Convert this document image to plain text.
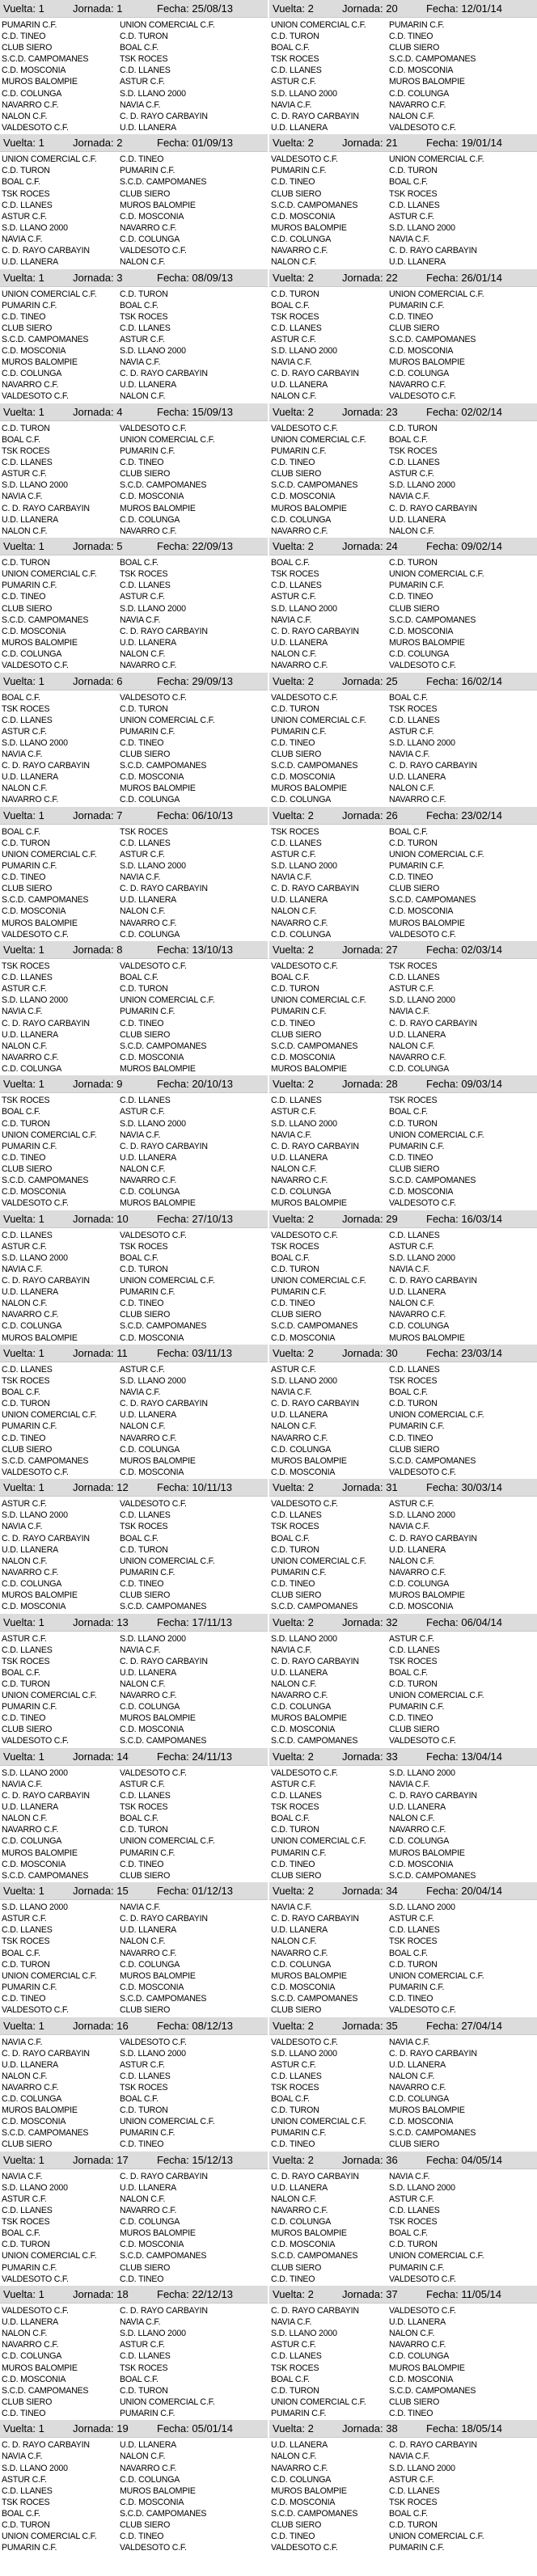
Vuelta: 1	Jornada: 1	Fecha: 25/08/13
PUMARIN C.F.	UNION COMERCIAL C.F.
C.D. TINEO	C.D. TURON
CLUB SIERO	BOAL C.F.
S.C.D. CAMPOMANES	TSK ROCES
C.D. MOSCONIA	C.D. LLANES
MUROS BALOMPIE	ASTUR C.F.
C.D. COLUNGA	S.D. LLANO 2000
NAVARRO C.F.	NAVIA C.F.
NALON C.F.	C. D. RAYO CARBAYIN
VALDESOTO C.F.	U.D. LLANERA
Vuelta: 1	Jornada: 2	Fecha: 01/09/13
UNION COMERCIAL C.F.	C.D. TINEO
C.D. TURON	PUMARIN C.F.
BOAL C.F.	S.C.D. CAMPOMANES
TSK ROCES	CLUB SIERO
C.D. LLANES	MUROS BALOMPIE
ASTUR C.F.	C.D. MOSCONIA
S.D. LLANO 2000	NAVARRO C.F.
NAVIA C.F.	C.D. COLUNGA
C. D. RAYO CARBAYIN	VALDESOTO C.F.
U.D. LLANERA	NALON C.F.
Vuelta: 1	Jornada: 3	Fecha: 08/09/13
UNION COMERCIAL C.F.	C.D. TURON
PUMARIN C.F.	BOAL C.F.
C.D. TINEO	TSK ROCES
CLUB SIERO	C.D. LLANES
S.C.D. CAMPOMANES	ASTUR C.F.
C.D. MOSCONIA	S.D. LLANO 2000
MUROS BALOMPIE	NAVIA C.F.
C.D. COLUNGA	C. D. RAYO CARBAYIN
NAVARRO C.F.	U.D. LLANERA
VALDESOTO C.F.	NALON C.F.
Vuelta: 1	Jornada: 4	Fecha: 15/09/13
C.D. TURON	VALDESOTO C.F.
BOAL C.F.	UNION COMERCIAL C.F.
TSK ROCES	PUMARIN C.F.
C.D. LLANES	C.D. TINEO
ASTUR C.F.	CLUB SIERO
S.D. LLANO 2000	S.C.D. CAMPOMANES
NAVIA C.F.	C.D. MOSCONIA
C. D. RAYO CARBAYIN	MUROS BALOMPIE
U.D. LLANERA	C.D. COLUNGA
NALON C.F.	NAVARRO C.F.
Vuelta: 1	Jornada: 5	Fecha: 22/09/13
C.D. TURON	BOAL C.F.
UNION COMERCIAL C.F.	TSK ROCES
PUMARIN C.F.	C.D. LLANES
C.D. TINEO	ASTUR C.F.
CLUB SIERO	S.D. LLANO 2000
S.C.D. CAMPOMANES	NAVIA C.F.
C.D. MOSCONIA	C. D. RAYO CARBAYIN
MUROS BALOMPIE	U.D. LLANERA
C.D. COLUNGA	NALON C.F.
VALDESOTO C.F.	NAVARRO C.F.
Vuelta: 1	Jornada: 6	Fecha: 29/09/13
BOAL C.F.	VALDESOTO C.F.
TSK ROCES	C.D. TURON
C.D. LLANES	UNION COMERCIAL C.F.
ASTUR C.F.	PUMARIN C.F.
S.D. LLANO 2000	C.D. TINEO
NAVIA C.F.	CLUB SIERO
C. D. RAYO CARBAYIN	S.C.D. CAMPOMANES
U.D. LLANERA	C.D. MOSCONIA
NALON C.F.	MUROS BALOMPIE
NAVARRO C.F.	C.D. COLUNGA
Vuelta: 1	Jornada: 7	Fecha: 06/10/13
BOAL C.F.	TSK ROCES
C.D. TURON	C.D. LLANES
UNION COMERCIAL C.F.	ASTUR C.F.
PUMARIN C.F.	S.D. LLANO 2000
C.D. TINEO	NAVIA C.F.
CLUB SIERO	C. D. RAYO CARBAYIN
S.C.D. CAMPOMANES	U.D. LLANERA
C.D. MOSCONIA	NALON C.F.
MUROS BALOMPIE	NAVARRO C.F.
VALDESOTO C.F.	C.D. COLUNGA
Vuelta: 1	Jornada: 8	Fecha: 13/10/13
TSK ROCES	VALDESOTO C.F.
C.D. LLANES	BOAL C.F.
ASTUR C.F.	C.D. TURON
S.D. LLANO 2000	UNION COMERCIAL C.F.
NAVIA C.F.	PUMARIN C.F.
C. D. RAYO CARBAYIN	C.D. TINEO
U.D. LLANERA	CLUB SIERO
NALON C.F.	S.C.D. CAMPOMANES
NAVARRO C.F.	C.D. MOSCONIA
C.D. COLUNGA	MUROS BALOMPIE
Vuelta: 1	Jornada: 9	Fecha: 20/10/13
TSK ROCES	C.D. LLANES
BOAL C.F.	ASTUR C.F.
C.D. TURON	S.D. LLANO 2000
UNION COMERCIAL C.F.	NAVIA C.F.
PUMARIN C.F.	C. D. RAYO CARBAYIN
C.D. TINEO	U.D. LLANERA
CLUB SIERO	NALON C.F.
S.C.D. CAMPOMANES	NAVARRO C.F.
C.D. MOSCONIA	C.D. COLUNGA
VALDESOTO C.F.	MUROS BALOMPIE
Vuelta: 1	Jornada: 10	Fecha: 27/10/13
C.D. LLANES	VALDESOTO C.F.
ASTUR C.F.	TSK ROCES
S.D. LLANO 2000	BOAL C.F.
NAVIA C.F.	C.D. TURON
C. D. RAYO CARBAYIN	UNION COMERCIAL C.F.
U.D. LLANERA	PUMARIN C.F.
NALON C.F.	C.D. TINEO
NAVARRO C.F.	CLUB SIERO
C.D. COLUNGA	S.C.D. CAMPOMANES
MUROS BALOMPIE	C.D. MOSCONIA
Vuelta: 1	Jornada: 11	Fecha: 03/11/13
C.D. LLANES	ASTUR C.F.
TSK ROCES	S.D. LLANO 2000
BOAL C.F.	NAVIA C.F.
C.D. TURON	C. D. RAYO CARBAYIN
UNION COMERCIAL C.F.	U.D. LLANERA
PUMARIN C.F.	NALON C.F.
C.D. TINEO	NAVARRO C.F.
CLUB SIERO	C.D. COLUNGA
S.C.D. CAMPOMANES	MUROS BALOMPIE
VALDESOTO C.F.	C.D. MOSCONIA
Vuelta: 1	Jornada: 12	Fecha: 10/11/13
ASTUR C.F.	VALDESOTO C.F.
S.D. LLANO 2000	C.D. LLANES
NAVIA C.F.	TSK ROCES
C. D. RAYO CARBAYIN	BOAL C.F.
U.D. LLANERA	C.D. TURON
NALON C.F.	UNION COMERCIAL C.F.
NAVARRO C.F.	PUMARIN C.F.
C.D. COLUNGA	C.D. TINEO
MUROS BALOMPIE	CLUB SIERO
C.D. MOSCONIA	S.C.D. CAMPOMANES
Vuelta: 1	Jornada: 13	Fecha: 17/11/13
ASTUR C.F.	S.D. LLANO 2000
C.D. LLANES	NAVIA C.F.
TSK ROCES	C. D. RAYO CARBAYIN
BOAL C.F.	U.D. LLANERA
C.D. TURON	NALON C.F.
UNION COMERCIAL C.F.	NAVARRO C.F.
PUMARIN C.F.	C.D. COLUNGA
C.D. TINEO	MUROS BALOMPIE
CLUB SIERO	C.D. MOSCONIA
VALDESOTO C.F.	S.C.D. CAMPOMANES
Vuelta: 1	Jornada: 14	Fecha: 24/11/13
S.D. LLANO 2000	VALDESOTO C.F.
NAVIA C.F.	ASTUR C.F.
C. D. RAYO CARBAYIN	C.D. LLANES
U.D. LLANERA	TSK ROCES
NALON C.F.	BOAL C.F.
NAVARRO C.F.	C.D. TURON
C.D. COLUNGA	UNION COMERCIAL C.F.
MUROS BALOMPIE	PUMARIN C.F.
C.D. MOSCONIA	C.D. TINEO
S.C.D. CAMPOMANES	CLUB SIERO
Vuelta: 1	Jornada: 15	Fecha: 01/12/13
S.D. LLANO 2000	NAVIA C.F.
ASTUR C.F.	C. D. RAYO CARBAYIN
C.D. LLANES	U.D. LLANERA
TSK ROCES	NALON C.F.
BOAL C.F.	NAVARRO C.F.
C.D. TURON	C.D. COLUNGA
UNION COMERCIAL C.F.	MUROS BALOMPIE
PUMARIN C.F.	C.D. MOSCONIA
C.D. TINEO	S.C.D. CAMPOMANES
VALDESOTO C.F.	CLUB SIERO
Vuelta: 1	Jornada: 16	Fecha: 08/12/13
NAVIA C.F.	VALDESOTO C.F.
C. D. RAYO CARBAYIN	S.D. LLANO 2000
U.D. LLANERA	ASTUR C.F.
NALON C.F.	C.D. LLANES
NAVARRO C.F.	TSK ROCES
C.D. COLUNGA	BOAL C.F.
MUROS BALOMPIE	C.D. TURON
C.D. MOSCONIA	UNION COMERCIAL C.F.
S.C.D. CAMPOMANES	PUMARIN C.F.
CLUB SIERO	C.D. TINEO
Vuelta: 1	Jornada: 17	Fecha: 15/12/13
NAVIA C.F.	C. D. RAYO CARBAYIN
S.D. LLANO 2000	U.D. LLANERA
ASTUR C.F.	NALON C.F.
C.D. LLANES	NAVARRO C.F.
TSK ROCES	C.D. COLUNGA
BOAL C.F.	MUROS BALOMPIE
C.D. TURON	C.D. MOSCONIA
UNION COMERCIAL C.F.	S.C.D. CAMPOMANES
PUMARIN C.F.	CLUB SIERO
VALDESOTO C.F.	C.D. TINEO
Vuelta: 1	Jornada: 18	Fecha: 22/12/13
VALDESOTO C.F.	C. D. RAYO CARBAYIN
U.D. LLANERA	NAVIA C.F.
NALON C.F.	S.D. LLANO 2000
NAVARRO C.F.	ASTUR C.F.
C.D. COLUNGA	C.D. LLANES
MUROS BALOMPIE	TSK ROCES
C.D. MOSCONIA	BOAL C.F.
S.C.D. CAMPOMANES	C.D. TURON
CLUB SIERO	UNION COMERCIAL C.F.
C.D. TINEO	PUMARIN C.F.
Vuelta: 1	Jornada: 19	Fecha: 05/01/14
C. D. RAYO CARBAYIN	U.D. LLANERA
NAVIA C.F.	NALON C.F.
S.D. LLANO 2000	NAVARRO C.F.
ASTUR C.F.	C.D. COLUNGA
C.D. LLANES	MUROS BALOMPIE
TSK ROCES	C.D. MOSCONIA
BOAL C.F.	S.C.D. CAMPOMANES
C.D. TURON	CLUB SIERO
UNION COMERCIAL C.F.	C.D. TINEO
PUMARIN C.F.	VALDESOTO C.F.
Vuelta: 2	Jornada: 20	Fecha: 12/01/14
UNION COMERCIAL C.F.	PUMARIN C.F.
C.D. TURON	C.D. TINEO
BOAL C.F.	CLUB SIERO
TSK ROCES	S.C.D. CAMPOMANES
C.D. LLANES	C.D. MOSCONIA
ASTUR C.F.	MUROS BALOMPIE
S.D. LLANO 2000	C.D. COLUNGA
NAVIA C.F.	NAVARRO C.F.
C. D. RAYO CARBAYIN	NALON C.F.
U.D. LLANERA	VALDESOTO C.F.
Vuelta: 2	Jornada: 21	Fecha: 19/01/14
VALDESOTO C.F.	UNION COMERCIAL C.F.
PUMARIN C.F.	C.D. TURON
C.D. TINEO	BOAL C.F.
CLUB SIERO	TSK ROCES
S.C.D. CAMPOMANES	C.D. LLANES
C.D. MOSCONIA	ASTUR C.F.
MUROS BALOMPIE	S.D. LLANO 2000
C.D. COLUNGA	NAVIA C.F.
NAVARRO C.F.	C. D. RAYO CARBAYIN
NALON C.F.	U.D. LLANERA
Vuelta: 2	Jornada: 22	Fecha: 26/01/14
C.D. TURON	UNION COMERCIAL C.F.
BOAL C.F.	PUMARIN C.F.
TSK ROCES	C.D. TINEO
C.D. LLANES	CLUB SIERO
ASTUR C.F.	S.C.D. CAMPOMANES
S.D. LLANO 2000	C.D. MOSCONIA
NAVIA C.F.	MUROS BALOMPIE
C. D. RAYO CARBAYIN	C.D. COLUNGA
U.D. LLANERA	NAVARRO C.F.
NALON C.F.	VALDESOTO C.F.
Vuelta: 2	Jornada: 23	Fecha: 02/02/14
VALDESOTO C.F.	C.D. TURON
UNION COMERCIAL C.F.	BOAL C.F.
PUMARIN C.F.	TSK ROCES
C.D. TINEO	C.D. LLANES
CLUB SIERO	ASTUR C.F.
S.C.D. CAMPOMANES	S.D. LLANO 2000
C.D. MOSCONIA	NAVIA C.F.
MUROS BALOMPIE	C. D. RAYO CARBAYIN
C.D. COLUNGA	U.D. LLANERA
NAVARRO C.F.	NALON C.F.
Vuelta: 2	Jornada: 24	Fecha: 09/02/14
BOAL C.F.	C.D. TURON
TSK ROCES	UNION COMERCIAL C.F.
C.D. LLANES	PUMARIN C.F.
ASTUR C.F.	C.D. TINEO
S.D. LLANO 2000	CLUB SIERO
NAVIA C.F.	S.C.D. CAMPOMANES
C. D. RAYO CARBAYIN	C.D. MOSCONIA
U.D. LLANERA	MUROS BALOMPIE
NALON C.F.	C.D. COLUNGA
NAVARRO C.F.	VALDESOTO C.F.
Vuelta: 2	Jornada: 25	Fecha: 16/02/14
VALDESOTO C.F.	BOAL C.F.
C.D. TURON	TSK ROCES
UNION COMERCIAL C.F.	C.D. LLANES
PUMARIN C.F.	ASTUR C.F.
C.D. TINEO	S.D. LLANO 2000
CLUB SIERO	NAVIA C.F.
S.C.D. CAMPOMANES	C. D. RAYO CARBAYIN
C.D. MOSCONIA	U.D. LLANERA
MUROS BALOMPIE	NALON C.F.
C.D. COLUNGA	NAVARRO C.F.
Vuelta: 2	Jornada: 26	Fecha: 23/02/14
TSK ROCES	BOAL C.F.
C.D. LLANES	C.D. TURON
ASTUR C.F.	UNION COMERCIAL C.F.
S.D. LLANO 2000	PUMARIN C.F.
NAVIA C.F.	C.D. TINEO
C. D. RAYO CARBAYIN	CLUB SIERO
U.D. LLANERA	S.C.D. CAMPOMANES
NALON C.F.	C.D. MOSCONIA
NAVARRO C.F.	MUROS BALOMPIE
C.D. COLUNGA	VALDESOTO C.F.
Vuelta: 2	Jornada: 27	Fecha: 02/03/14
VALDESOTO C.F.	TSK ROCES
BOAL C.F.	C.D. LLANES
C.D. TURON	ASTUR C.F.
UNION COMERCIAL C.F.	S.D. LLANO 2000
PUMARIN C.F.	NAVIA C.F.
C.D. TINEO	C. D. RAYO CARBAYIN
CLUB SIERO	U.D. LLANERA
S.C.D. CAMPOMANES	NALON C.F.
C.D. MOSCONIA	NAVARRO C.F.
MUROS BALOMPIE	C.D. COLUNGA
Vuelta: 2	Jornada: 28	Fecha: 09/03/14
C.D. LLANES	TSK ROCES
ASTUR C.F.	BOAL C.F.
S.D. LLANO 2000	C.D. TURON
NAVIA C.F.	UNION COMERCIAL C.F.
C. D. RAYO CARBAYIN	PUMARIN C.F.
U.D. LLANERA	C.D. TINEO
NALON C.F.	CLUB SIERO
NAVARRO C.F.	S.C.D. CAMPOMANES
C.D. COLUNGA	C.D. MOSCONIA
MUROS BALOMPIE	VALDESOTO C.F.
Vuelta: 2	Jornada: 29	Fecha: 16/03/14
VALDESOTO C.F.	C.D. LLANES
TSK ROCES	ASTUR C.F.
BOAL C.F.	S.D. LLANO 2000
C.D. TURON	NAVIA C.F.
UNION COMERCIAL C.F.	C. D. RAYO CARBAYIN
PUMARIN C.F.	U.D. LLANERA
C.D. TINEO	NALON C.F.
CLUB SIERO	NAVARRO C.F.
S.C.D. CAMPOMANES	C.D. COLUNGA
C.D. MOSCONIA	MUROS BALOMPIE
Vuelta: 2	Jornada: 30	Fecha: 23/03/14
ASTUR C.F.	C.D. LLANES
S.D. LLANO 2000	TSK ROCES
NAVIA C.F.	BOAL C.F.
C. D. RAYO CARBAYIN	C.D. TURON
U.D. LLANERA	UNION COMERCIAL C.F.
NALON C.F.	PUMARIN C.F.
NAVARRO C.F.	C.D. TINEO
C.D. COLUNGA	CLUB SIERO
MUROS BALOMPIE	S.C.D. CAMPOMANES
C.D. MOSCONIA	VALDESOTO C.F.
Vuelta: 2	Jornada: 31	Fecha: 30/03/14
VALDESOTO C.F.	ASTUR C.F.
C.D. LLANES	S.D. LLANO 2000
TSK ROCES	NAVIA C.F.
BOAL C.F.	C. D. RAYO CARBAYIN
C.D. TURON	U.D. LLANERA
UNION COMERCIAL C.F.	NALON C.F.
PUMARIN C.F.	NAVARRO C.F.
C.D. TINEO	C.D. COLUNGA
CLUB SIERO	MUROS BALOMPIE
S.C.D. CAMPOMANES	C.D. MOSCONIA
Vuelta: 2	Jornada: 32	Fecha: 06/04/14
S.D. LLANO 2000	ASTUR C.F.
NAVIA C.F.	C.D. LLANES
C. D. RAYO CARBAYIN	TSK ROCES
U.D. LLANERA	BOAL C.F.
NALON C.F.	C.D. TURON
NAVARRO C.F.	UNION COMERCIAL C.F.
C.D. COLUNGA	PUMARIN C.F.
MUROS BALOMPIE	C.D. TINEO
C.D. MOSCONIA	CLUB SIERO
S.C.D. CAMPOMANES	VALDESOTO C.F.
Vuelta: 2	Jornada: 33	Fecha: 13/04/14
VALDESOTO C.F.	S.D. LLANO 2000
ASTUR C.F.	NAVIA C.F.
C.D. LLANES	C. D. RAYO CARBAYIN
TSK ROCES	U.D. LLANERA
BOAL C.F.	NALON C.F.
C.D. TURON	NAVARRO C.F.
UNION COMERCIAL C.F.	C.D. COLUNGA
PUMARIN C.F.	MUROS BALOMPIE
C.D. TINEO	C.D. MOSCONIA
CLUB SIERO	S.C.D. CAMPOMANES
Vuelta: 2	Jornada: 34	Fecha: 20/04/14
NAVIA C.F.	S.D. LLANO 2000
C. D. RAYO CARBAYIN	ASTUR C.F.
U.D. LLANERA	C.D. LLANES
NALON C.F.	TSK ROCES
NAVARRO C.F.	BOAL C.F.
C.D. COLUNGA	C.D. TURON
MUROS BALOMPIE	UNION COMERCIAL C.F.
C.D. MOSCONIA	PUMARIN C.F.
S.C.D. CAMPOMANES	C.D. TINEO
CLUB SIERO	VALDESOTO C.F.
Vuelta: 2	Jornada: 35	Fecha: 27/04/14
VALDESOTO C.F.	NAVIA C.F.
S.D. LLANO 2000	C. D. RAYO CARBAYIN
ASTUR C.F.	U.D. LLANERA
C.D. LLANES	NALON C.F.
TSK ROCES	NAVARRO C.F.
BOAL C.F.	C.D. COLUNGA
C.D. TURON	MUROS BALOMPIE
UNION COMERCIAL C.F.	C.D. MOSCONIA
PUMARIN C.F.	S.C.D. CAMPOMANES
C.D. TINEO	CLUB SIERO
Vuelta: 2	Jornada: 36	Fecha: 04/05/14
C. D. RAYO CARBAYIN	NAVIA C.F.
U.D. LLANERA	S.D. LLANO 2000
NALON C.F.	ASTUR C.F.
NAVARRO C.F.	C.D. LLANES
C.D. COLUNGA	TSK ROCES
MUROS BALOMPIE	BOAL C.F.
C.D. MOSCONIA	C.D. TURON
S.C.D. CAMPOMANES	UNION COMERCIAL C.F.
CLUB SIERO	PUMARIN C.F.
C.D. TINEO	VALDESOTO C.F.
Vuelta: 2	Jornada: 37	Fecha: 11/05/14
C. D. RAYO CARBAYIN	VALDESOTO C.F.
NAVIA C.F.	U.D. LLANERA
S.D. LLANO 2000	NALON C.F.
ASTUR C.F.	NAVARRO C.F.
C.D. LLANES	C.D. COLUNGA
TSK ROCES	MUROS BALOMPIE
BOAL C.F.	C.D. MOSCONIA
C.D. TURON	S.C.D. CAMPOMANES
UNION COMERCIAL C.F.	CLUB SIERO
PUMARIN C.F.	C.D. TINEO
Vuelta: 2	Jornada: 38	Fecha: 18/05/14
U.D. LLANERA	C. D. RAYO CARBAYIN
NALON C.F.	NAVIA C.F.
NAVARRO C.F.	S.D. LLANO 2000
C.D. COLUNGA	ASTUR C.F.
MUROS BALOMPIE	C.D. LLANES
C.D. MOSCONIA	TSK ROCES
S.C.D. CAMPOMANES	BOAL C.F.
CLUB SIERO	C.D. TURON
C.D. TINEO	UNION COMERCIAL C.F.
VALDESOTO C.F.	PUMARIN C.F.
